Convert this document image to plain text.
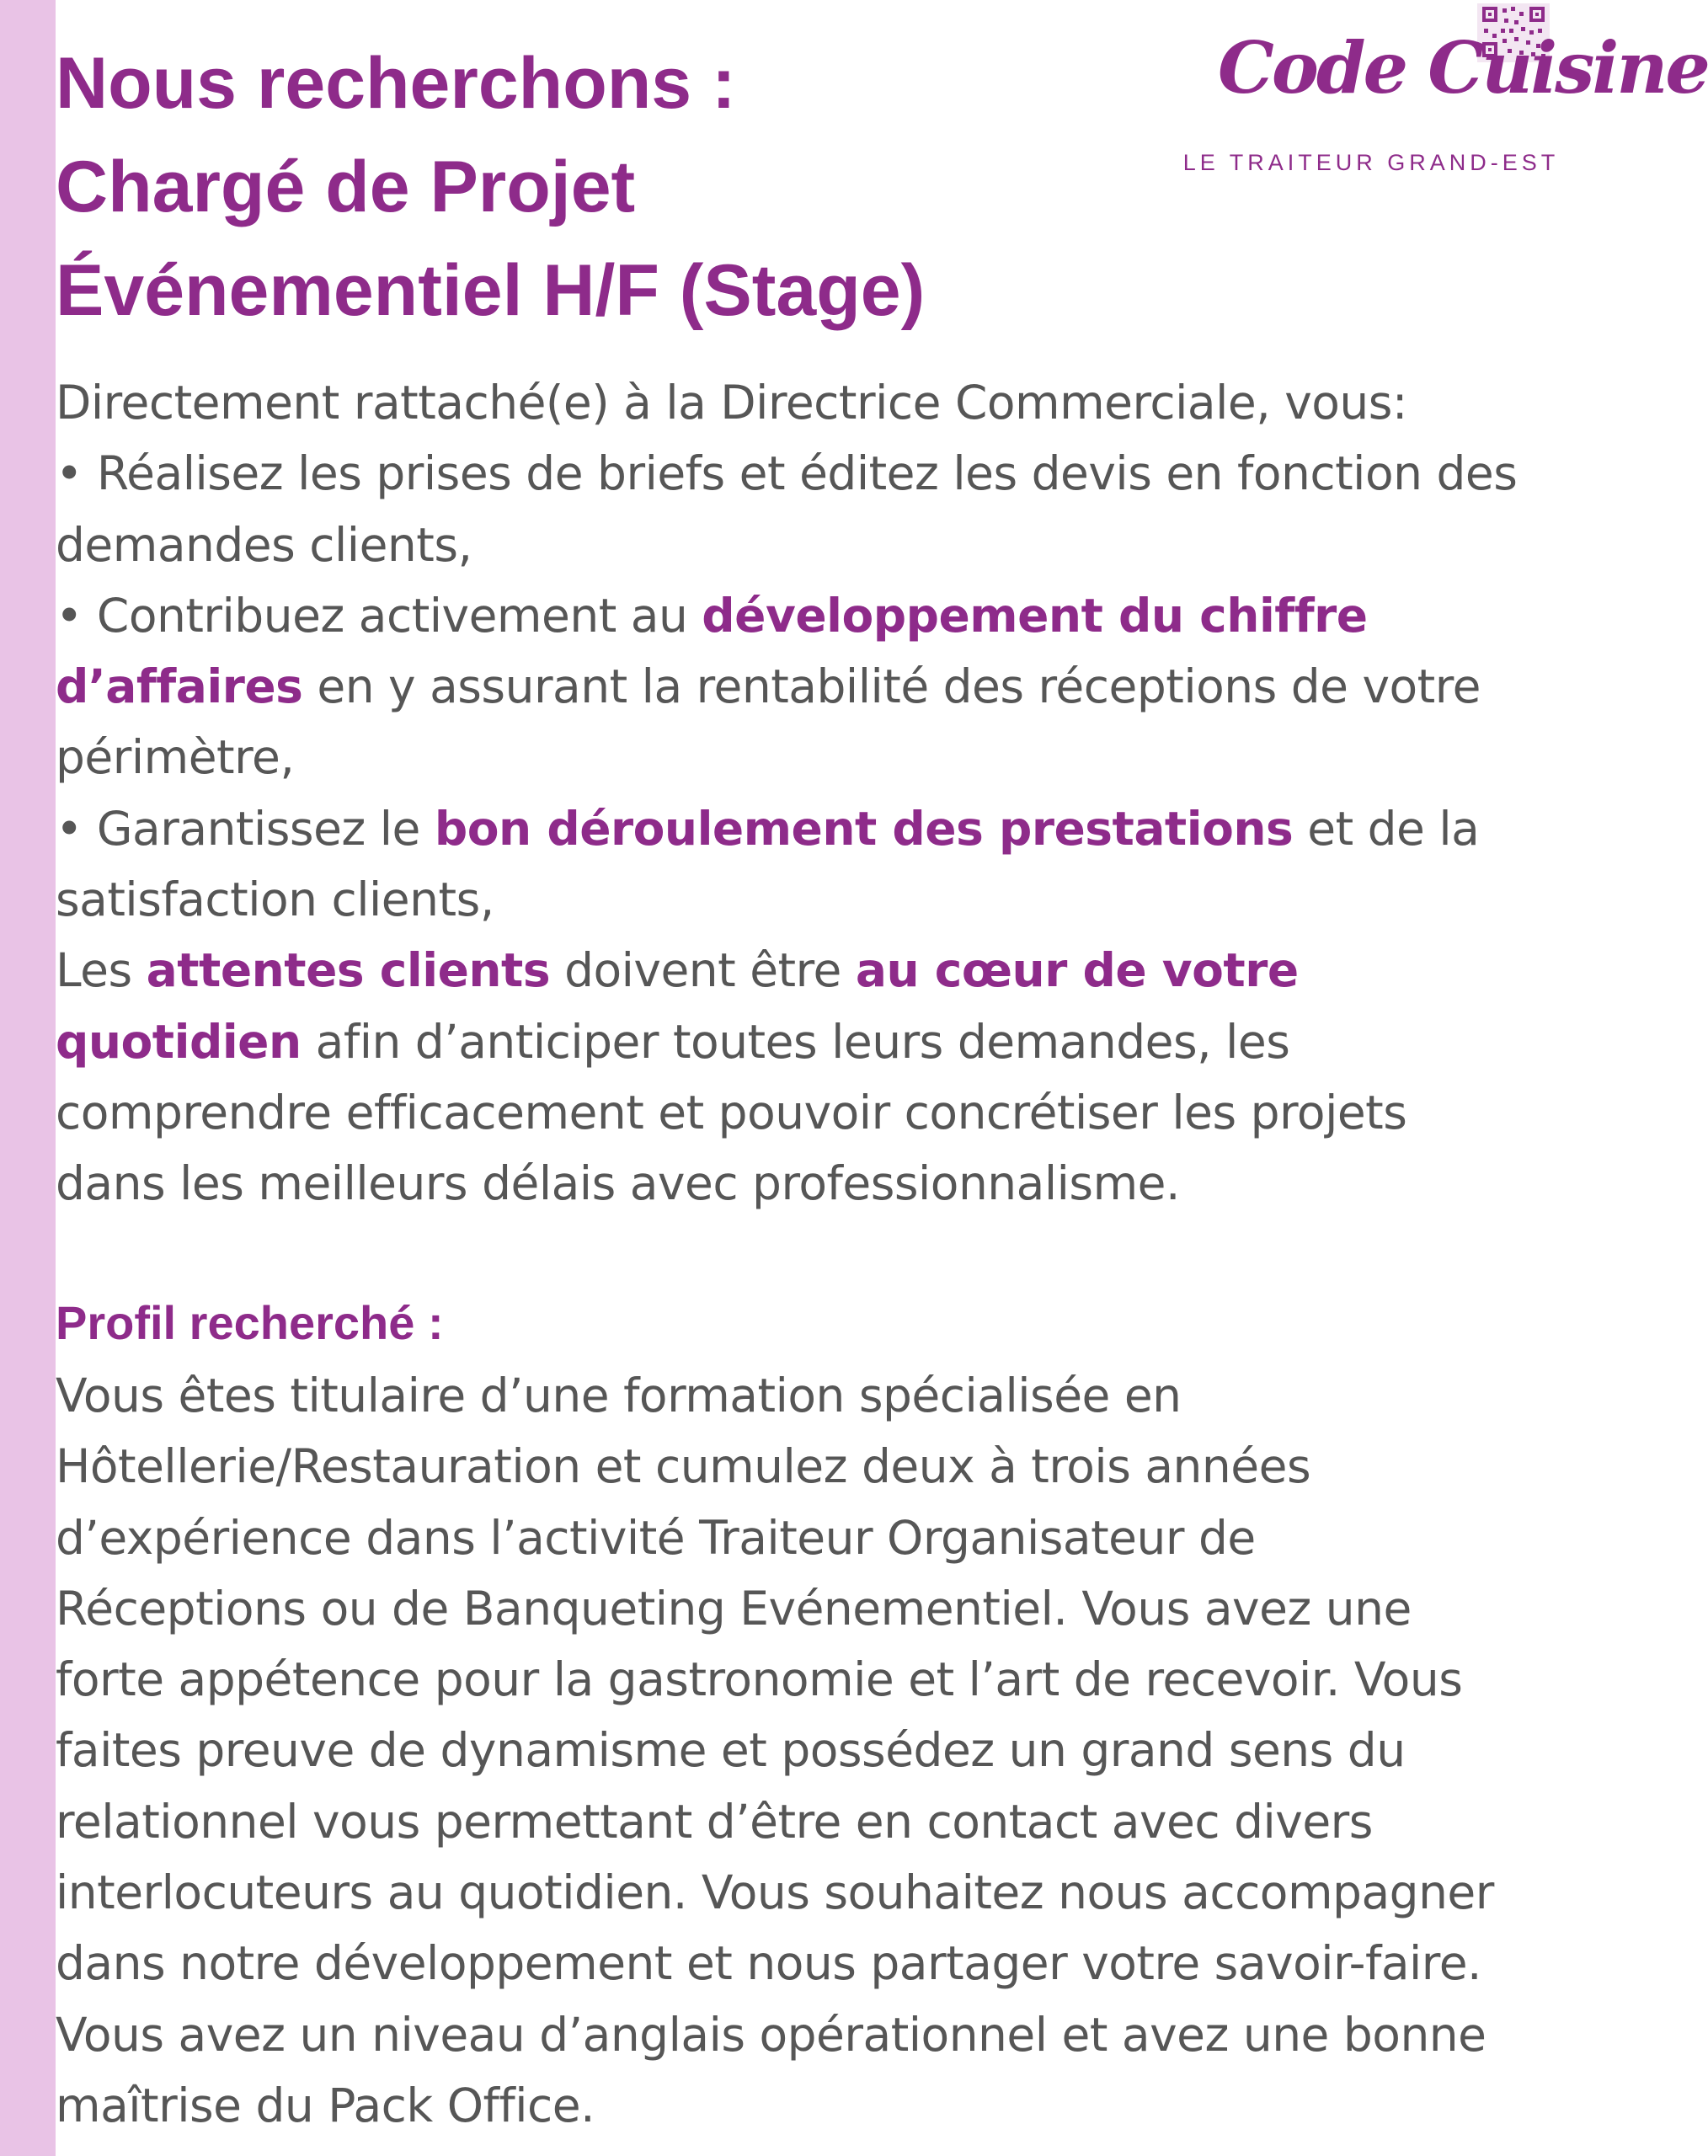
Nous recherchons :
Chargé de Projet
Événementiel H/F (Stage)
Code Cuisine
LE TRAITEUR GRAND-EST
Directement rattaché(e) à la Directrice Commerciale, vous:
• Réalisez les prises de briefs et éditez les devis en fonction des
demandes clients,
• Contribuez activement au développement du chiffre
d’affaires en y assurant la rentabilité des réceptions de votre
périmètre,
• Garantissez le bon déroulement des prestations et de la
satisfaction clients,
Les attentes clients doivent être au cœur de votre
quotidien afin d’anticiper toutes leurs demandes, les
comprendre efficacement et pouvoir concrétiser les projets
dans les meilleurs délais avec professionnalisme.
Profil recherché :
Vous êtes titulaire d’une formation spécialisée en
Hôtellerie/Restauration et cumulez deux à trois années
d’expérience dans l’activité Traiteur Organisateur de
Réceptions ou de Banqueting Evénementiel. Vous avez une
forte appétence pour la gastronomie et l’art de recevoir. Vous
faites preuve de dynamisme et possédez un grand sens du
relationnel vous permettant d’être en contact avec divers
interlocuteurs au quotidien. Vous souhaitez nous accompagner
dans notre développement et nous partager votre savoir-faire.
Vous avez un niveau d’anglais opérationnel et avez une bonne
maîtrise du Pack Office.
